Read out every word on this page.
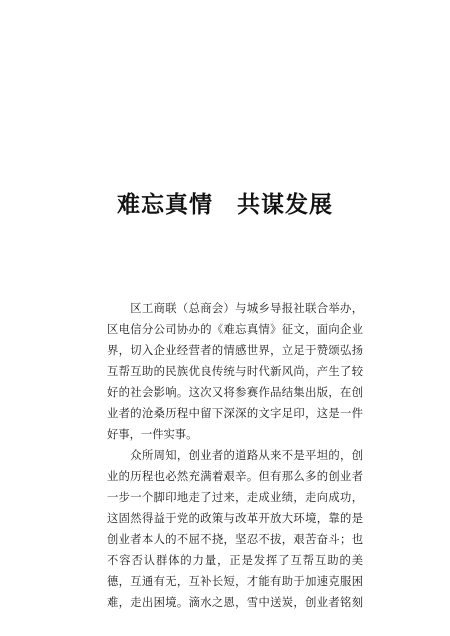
难忘真情　共谋发展
　　区工商联（总商会）与城乡导报社联合举办，
区电信分公司协办的《难忘真情》征文，面向企业
界，切入企业经营者的情感世界，立足于赞颂弘扬
互帮互助的民族优良传统与时代新风尚，产生了较
好的社会影响。这次又将参赛作品结集出版，在创
业者的沧桑历程中留下深深的文字足印，这是一件
好事，一件实事。
　　众所周知，创业者的道路从来不是平坦的，创
业的历程也必然充满着艰辛。但有那么多的创业者
一步一个脚印地走了过来，走成业绩，走向成功，
这固然得益于党的政策与改革开放大环境，靠的是
创业者本人的不屈不挠，坚忍不拔，艰苦奋斗；也
不容否认群体的力量，正是发挥了互帮互助的美
德，互通有无，互补长短，才能有助于加速克服困
难，走出困境。滴水之恩，雪中送炭，创业者铭刻
